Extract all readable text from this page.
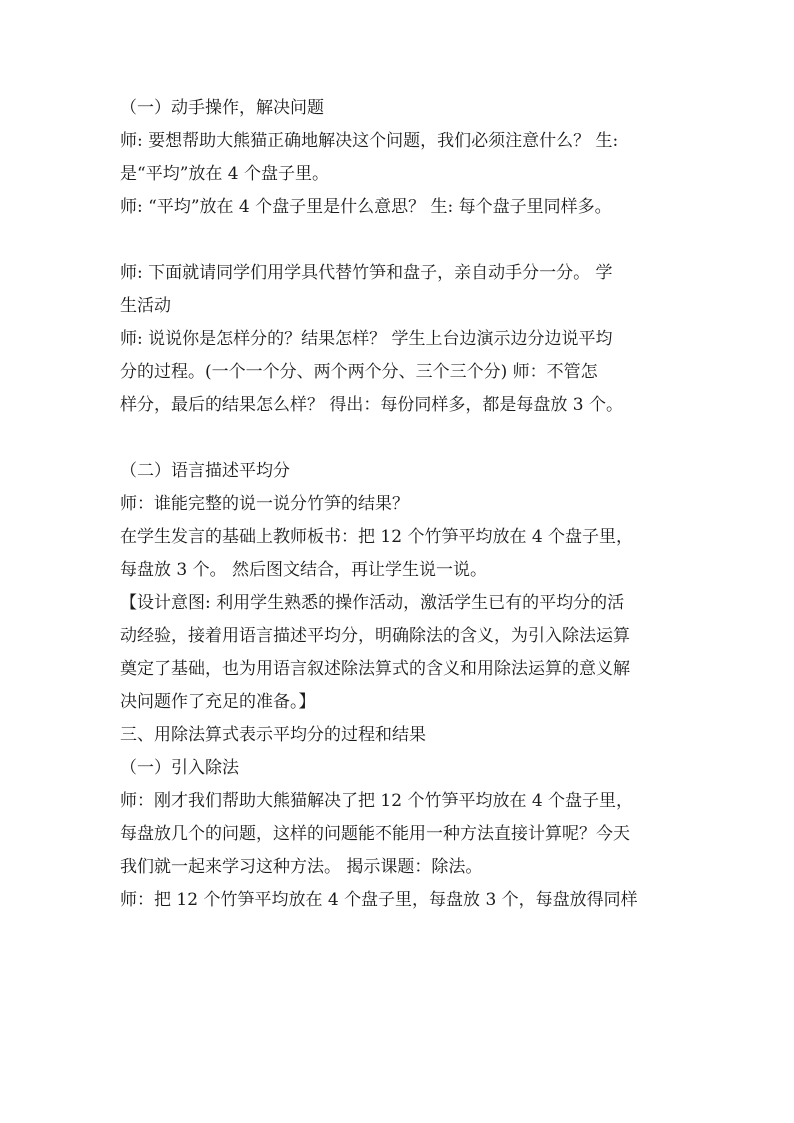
（一）动手操作，解决问题
师: 要想帮助大熊猫正确地解决这个问题，我们必须注意什么？ 生:
是“平均”放在 4 个盘子里。
师: “平均”放在 4 个盘子里是什么意思？ 生: 每个盘子里同样多。
师: 下面就请同学们用学具代替竹笋和盘子，亲自动手分一分。 学
生活动
师: 说说你是怎样分的？结果怎样？ 学生上台边演示边分边说平均
分的过程。(一个一个分、两个两个分、三个三个分) 师：不管怎
样分，最后的结果怎么样？ 得出：每份同样多，都是每盘放 3 个。
（二）语言描述平均分
师：谁能完整的说一说分竹笋的结果？
在学生发言的基础上教师板书：把 12 个竹笋平均放在 4 个盘子里，
每盘放 3 个。 然后图文结合，再让学生说一说。
【设计意图: 利用学生熟悉的操作活动，激活学生已有的平均分的活
动经验，接着用语言描述平均分，明确除法的含义，为引入除法运算
奠定了基础，也为用语言叙述除法算式的含义和用除法运算的意义解
决问题作了充足的准备。】
三、用除法算式表示平均分的过程和结果
（一）引入除法
师：刚才我们帮助大熊猫解决了把 12 个竹笋平均放在 4 个盘子里，
每盘放几个的问题，这样的问题能不能用一种方法直接计算呢？今天
我们就一起来学习这种方法。 揭示课题：除法。
师：把 12 个竹笋平均放在 4 个盘子里，每盘放 3 个，每盘放得同样
